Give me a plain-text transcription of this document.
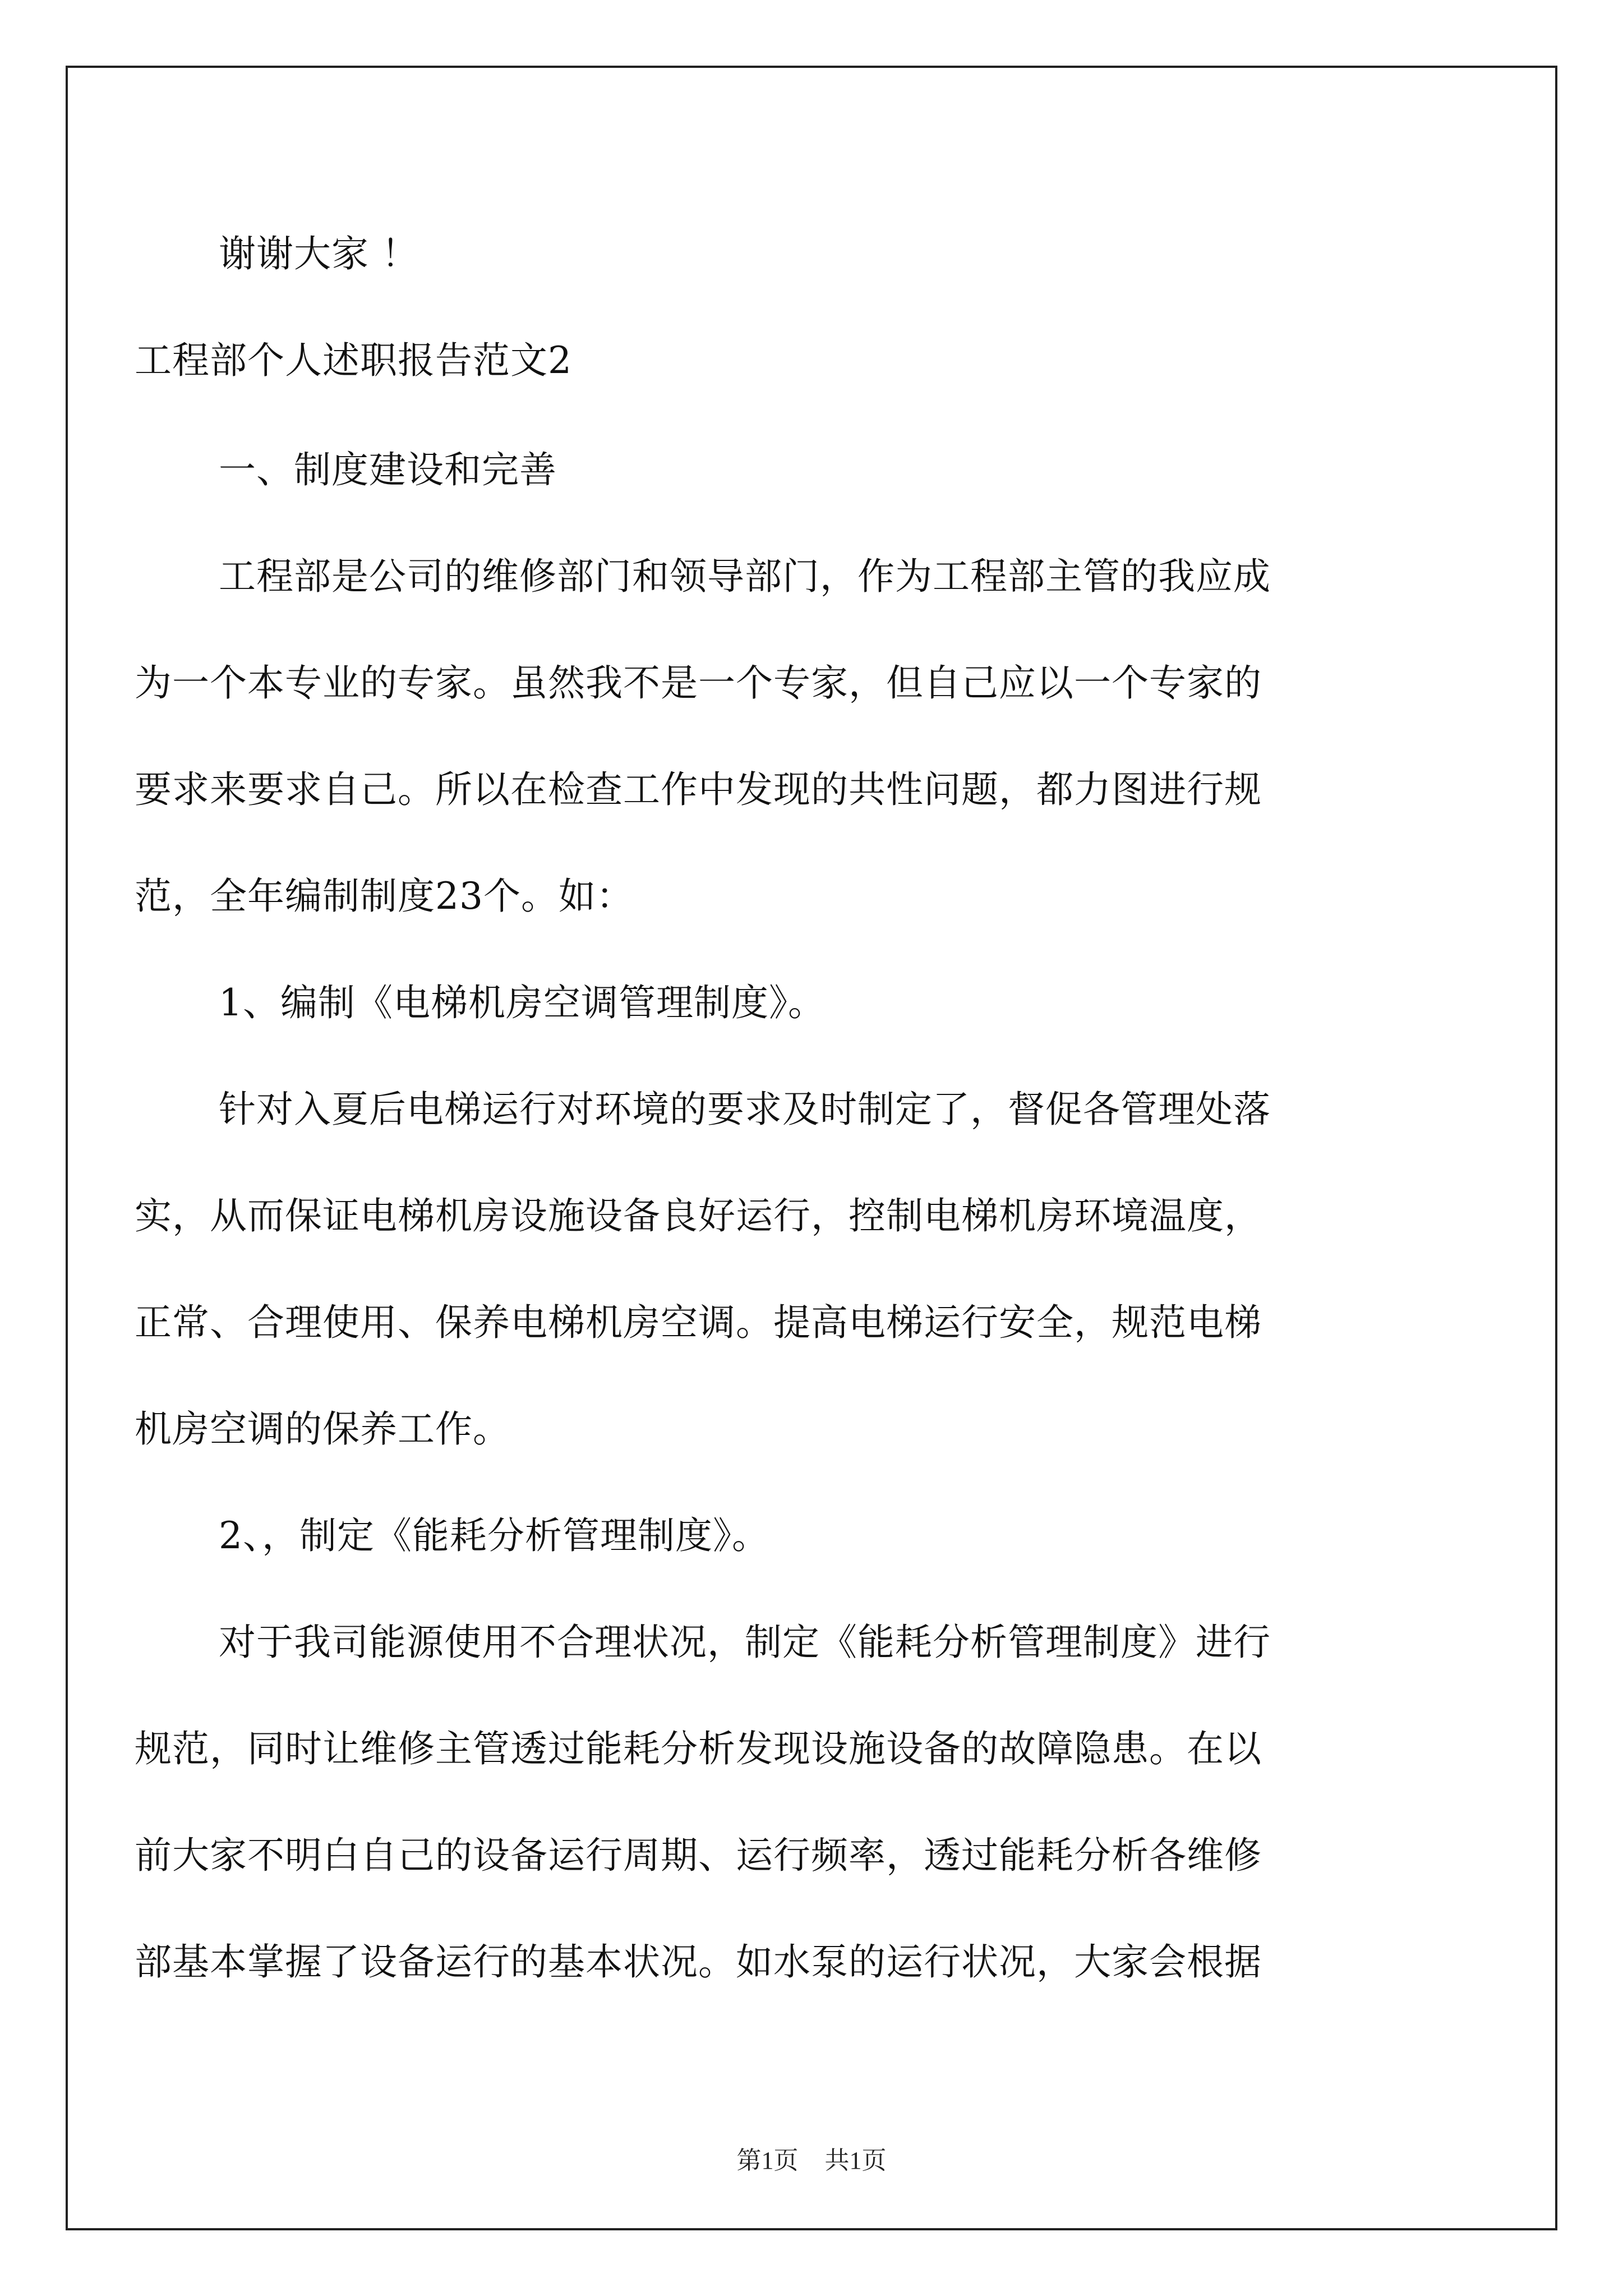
谢谢大家 ！
工程部个人述职报告范文2
一、制度建设和完善
工程部是公司的维修部门和领导部门，作为工程部主管的我应成
为一个本专业的专家。虽然我不是一个专家，但自己应以一个专家的
要求来要求自己。所以在检查工作中发现的共性问题，都力图进行规
范，全年编制制度23个。如：
1、编制《电梯机房空调管理制度》。
针对入夏后电梯运行对环境的要求及时制定了，督促各管理处落
实，从而保证电梯机房设施设备良好运行，控制电梯机房环境温度，
正常、合理使用、保养电梯机房空调。提高电梯运行安全，规范电梯
机房空调的保养工作。
2、，制定《能耗分析管理制度》。
对于我司能源使用不合理状况，制定《能耗分析管理制度》进行
规范，同时让维修主管透过能耗分析发现设施设备的故障隐患。在以
前大家不明白自己的设备运行周期、运行频率，透过能耗分析各维修
部基本掌握了设备运行的基本状况。如水泵的运行状况，大家会根据
第1页 共1页
